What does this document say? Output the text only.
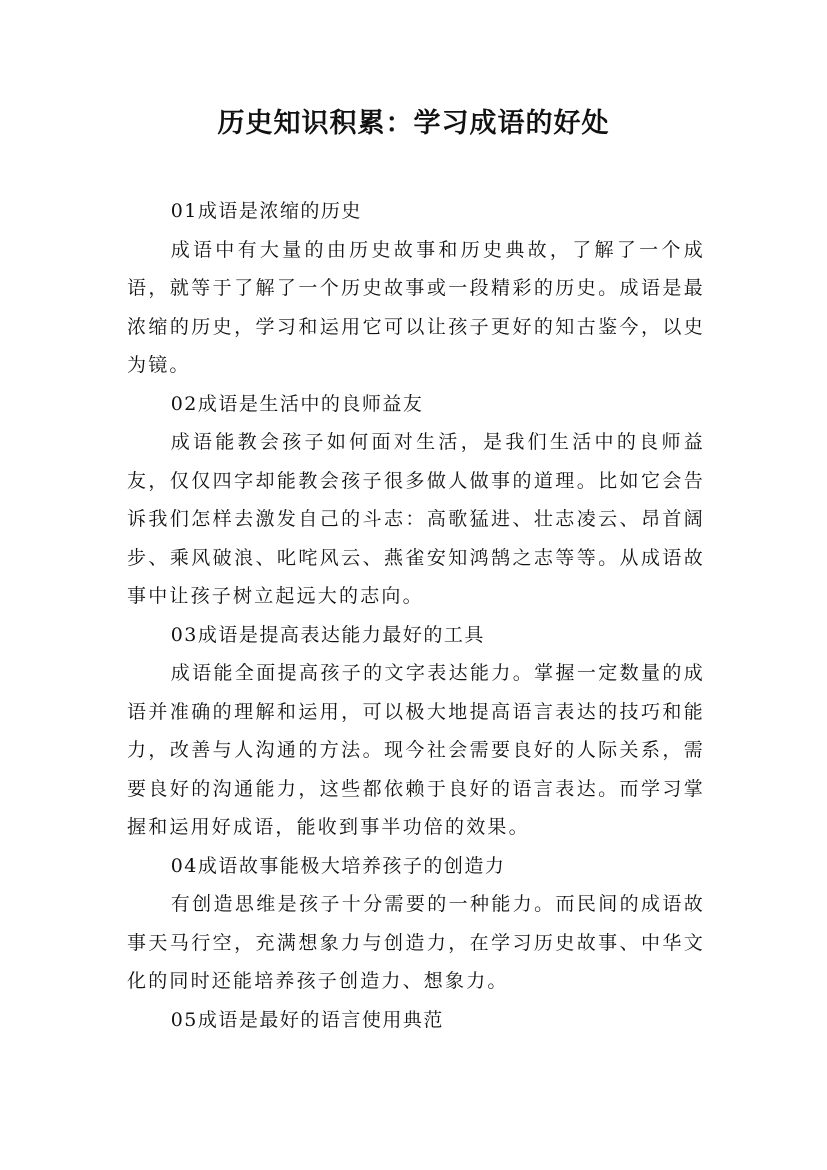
历史知识积累：学习成语的好处

01成语是浓缩的历史

成语中有大量的由历史故事和历史典故，了解了一个成语，就等于了解了一个历史故事或一段精彩的历史。成语是最浓缩的历史，学习和运用它可以让孩子更好的知古鉴今，以史为镜。

02成语是生活中的良师益友

成语能教会孩子如何面对生活，是我们生活中的良师益友，仅仅四字却能教会孩子很多做人做事的道理。比如它会告诉我们怎样去激发自己的斗志：高歌猛进、壮志凌云、昂首阔步、乘风破浪、叱咤风云、燕雀安知鸿鹄之志等等。从成语故事中让孩子树立起远大的志向。

03成语是提高表达能力最好的工具

成语能全面提高孩子的文字表达能力。掌握一定数量的成语并准确的理解和运用，可以极大地提高语言表达的技巧和能力，改善与人沟通的方法。现今社会需要良好的人际关系，需要良好的沟通能力，这些都依赖于良好的语言表达。而学习掌握和运用好成语，能收到事半功倍的效果。

04成语故事能极大培养孩子的创造力

有创造思维是孩子十分需要的一种能力。而民间的成语故事天马行空，充满想象力与创造力，在学习历史故事、中华文化的同时还能培养孩子创造力、想象力。

05成语是最好的语言使用典范
